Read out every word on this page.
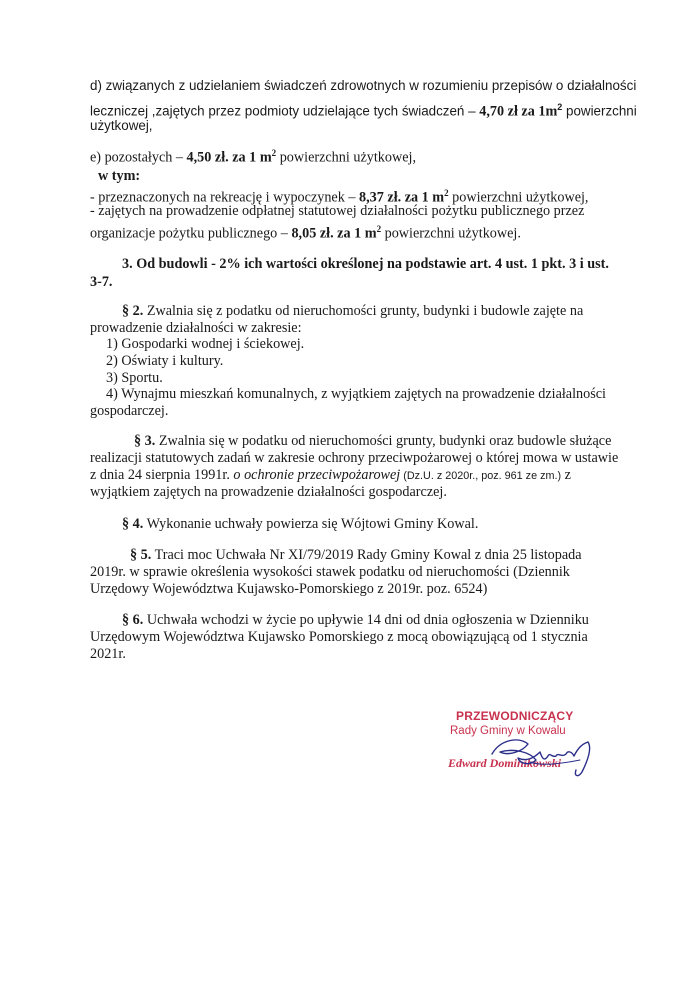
d) związanych z udzielaniem świadczeń zdrowotnych w rozumieniu przepisów o działalności
leczniczej ,zajętych przez podmioty udzielające tych świadczeń – 4,70 zł za $1m^2$ powierzchni
użytkowej,
e) pozostałych – 4,50 zł. za 1 $m^2$ powierzchni użytkowej,
w tym:
- przeznaczonych na rekreację i wypoczynek – 8,37 zł. za 1 $m^2$ powierzchni użytkowej,
- zajętych na prowadzenie odpłatnej statutowej działalności pożytku publicznego przez
organizacje pożytku publicznego – 8,05 zł. za 1 $m^2$ powierzchni użytkowej.
3. Od budowli - 2% ich wartości określonej na podstawie art. 4 ust. 1 pkt. 3 i ust.
3-7.
§ 2. Zwalnia się z podatku od nieruchomości grunty, budynki i budowle zajęte na
prowadzenie działalności w zakresie:
1) Gospodarki wodnej i ściekowej.
2) Oświaty i kultury.
3) Sportu.
4) Wynajmu mieszkań komunalnych, z wyjątkiem zajętych na prowadzenie działalności
gospodarczej.
§ 3. Zwalnia się w podatku od nieruchomości grunty, budynki oraz budowle służące
realizacji statutowych zadań w zakresie ochrony przeciwpożarowej o której mowa w ustawie
z dnia 24 sierpnia 1991r. o ochronie przeciwpożarowej (Dz.U. z 2020r., poz. 961 ze zm.) z
wyjątkiem zajętych na prowadzenie działalności gospodarczej.
§ 4. Wykonanie uchwały powierza się Wójtowi Gminy Kowal.
§ 5. Traci moc Uchwała Nr XI/79/2019 Rady Gminy Kowal z dnia 25 listopada
2019r. w sprawie określenia wysokości stawek podatku od nieruchomości (Dziennik
Urzędowy Województwa Kujawsko-Pomorskiego z 2019r. poz. 6524)
§ 6. Uchwała wchodzi w życie po upływie 14 dni od dnia ogłoszenia w Dzienniku
Urzędowym Województwa Kujawsko Pomorskiego z mocą obowiązującą od 1 stycznia
2021r.
PRZEWODNICZĄCY
Rady Gminy w Kowalu
Edward Dominikowski
